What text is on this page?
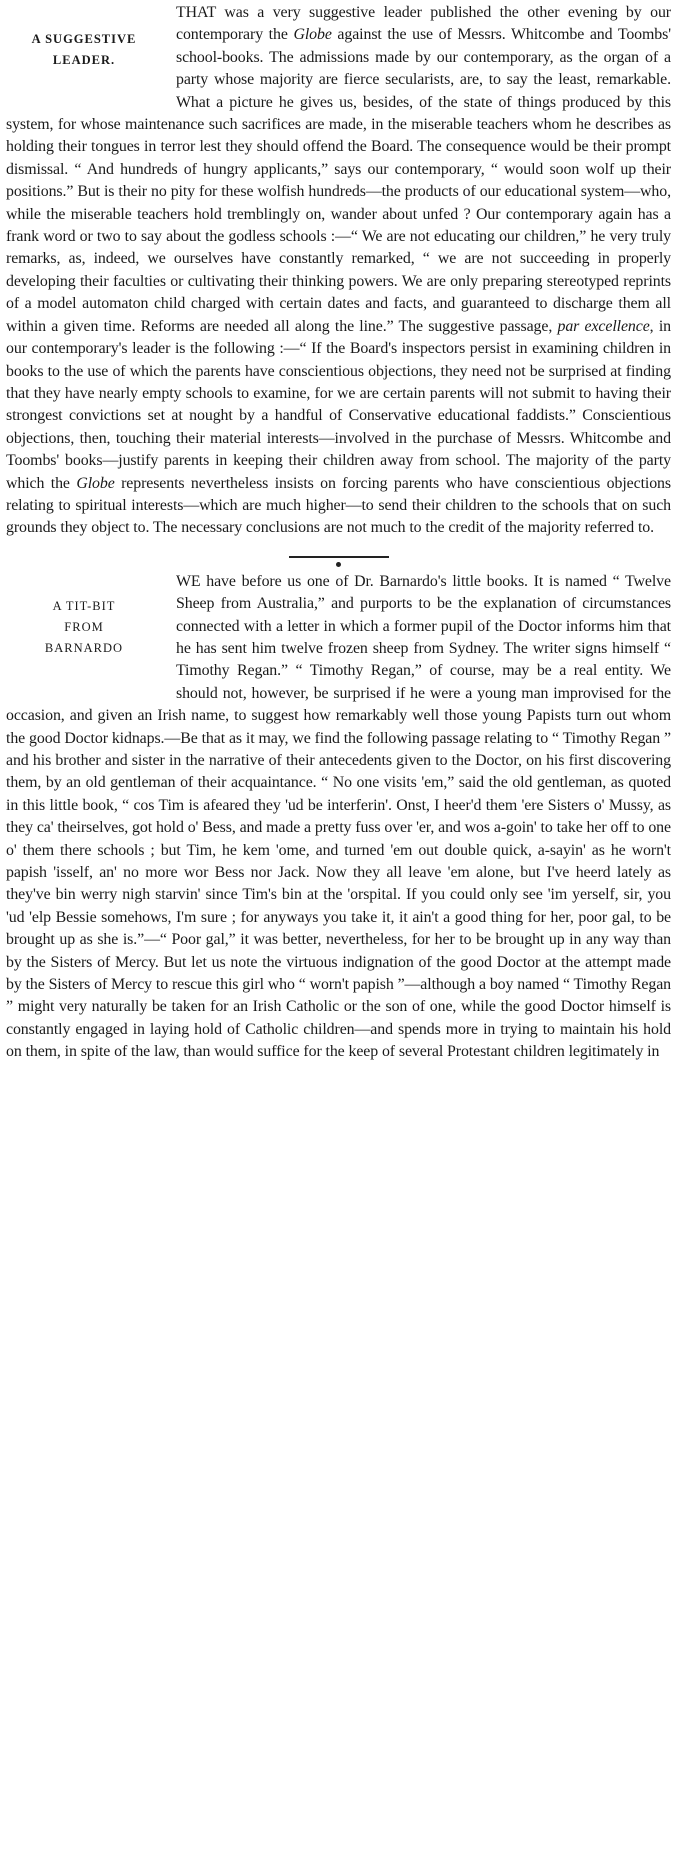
A SUGGESTIVE
LEADER.

THAT was a very suggestive leader published the other evening by our contemporary the Globe against the use of Messrs. Whitcombe and Toombs' school-books. The admissions made by our contemporary, as the organ of a party whose majority are fierce secularists, are, to say the least, remarkable. What a picture he gives us, besides, of the state of things produced by this system, for whose maintenance such sacrifices are made, in the miserable teachers whom he describes as holding their tongues in terror lest they should offend the Board. The consequence would be their prompt dismissal. “ And hundreds of hungry applicants,” says our contemporary, “ would soon wolf up their positions.” But is their no pity for these wolfish hundreds—the products of our educational system—who, while the miserable teachers hold tremblingly on, wander about unfed ? Our contemporary again has a frank word or two to say about the godless schools :—“ We are not educating our children,” he very truly remarks, as, indeed, we ourselves have constantly remarked, “ we are not succeeding in properly developing their faculties or cultivating their thinking powers. We are only preparing stereotyped reprints of a model automaton child charged with certain dates and facts, and guaranteed to discharge them all within a given time. Reforms are needed all along the line.” The suggestive passage, par excellence, in our contemporary's leader is the following :—“ If the Board's inspectors persist in examining children in books to the use of which the parents have conscientious objections, they need not be surprised at finding that they have nearly empty schools to examine, for we are certain parents will not submit to having their strongest convictions set at nought by a handful of Conservative educational faddists.” Conscientious objections, then, touching their material interests—involved in the purchase of Messrs. Whitcombe and Toombs' books—justify parents in keeping their children away from school. The majority of the party which the Globe represents nevertheless insists on forcing parents who have conscientious objections relating to spiritual interests—which are much higher—to send their children to the schools that on such grounds they object to. The necessary conclusions are not much to the credit of the majority referred to.

A TIT-BIT
FROM
BARNARDO

WE have before us one of Dr. Barnardo's little books. It is named “ Twelve Sheep from Australia,” and purports to be the explanation of circumstances connected with a letter in which a former pupil of the Doctor informs him that he has sent him twelve frozen sheep from Sydney. The writer signs himself “ Timothy Regan.” “ Timothy Regan,” of course, may be a real entity. We should not, however, be surprised if he were a young man improvised for the occasion, and given an Irish name, to suggest how remarkably well those young Papists turn out whom the good Doctor kidnaps.—Be that as it may, we find the following passage relating to “ Timothy Regan ” and his brother and sister in the narrative of their antecedents given to the Doctor, on his first discovering them, by an old gentleman of their acquaintance. “ No one visits 'em,” said the old gentleman, as quoted in this little book, “ cos Tim is afeared they 'ud be interferin'. Onst, I heer'd them 'ere Sisters o' Mussy, as they ca' theirselves, got hold o' Bess, and made a pretty fuss over 'er, and wos a-goin' to take her off to one o' them there schools ; but Tim, he kem 'ome, and turned 'em out double quick, a-sayin' as he worn't papish 'isself, an' no more wor Bess nor Jack. Now they all leave 'em alone, but I've heerd lately as they've bin werry nigh starvin' since Tim's bin at the 'orspital. If you could only see 'im yerself, sir, you 'ud 'elp Bessie somehows, I'm sure ; for anyways you take it, it ain't a good thing for her, poor gal, to be brought up as she is.”—“ Poor gal,” it was better, nevertheless, for her to be brought up in any way than by the Sisters of Mercy. But let us note the virtuous indignation of the good Doctor at the attempt made by the Sisters of Mercy to rescue this girl who “ worn't papish ”—although a boy named “ Timothy Regan ” might very naturally be taken for an Irish Catholic or the son of one, while the good Doctor himself is constantly engaged in laying hold of Catholic children—and spends more in trying to maintain his hold on them, in spite of the law, than would suffice for the keep of several Protestant children legitimately in
